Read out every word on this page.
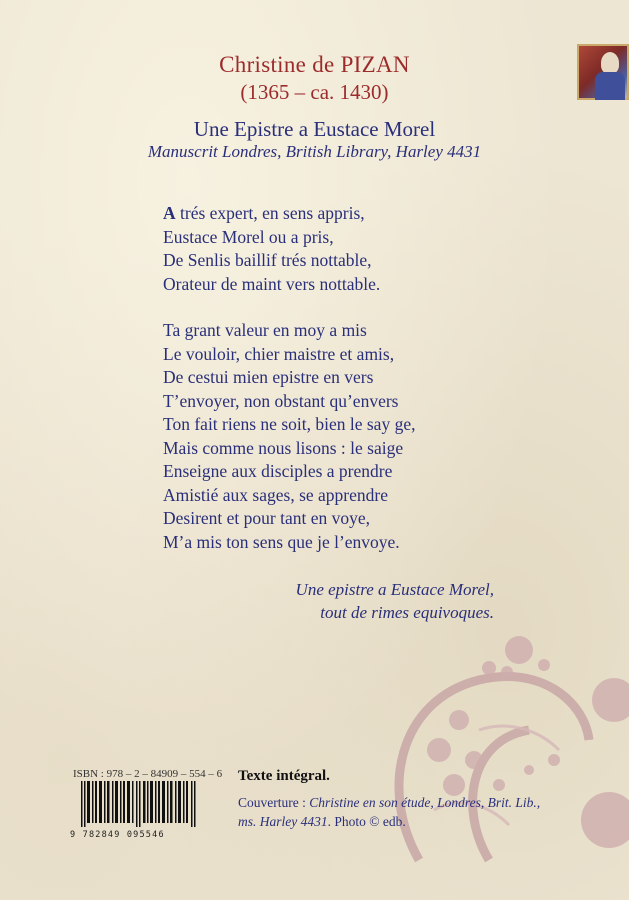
Christine de PIZAN
(1365 – ca. 1430)
Une Epistre a Eustace Morel
Manuscrit Londres, British Library, Harley 4431

A trés expert, en sens appris,
Eustace Morel ou a pris,
De Senlis baillif trés nottable,
Orateur de maint vers nottable.

Ta grant valeur en moy a mis
Le vouloir, chier maistre et amis,
De cestui mien epistre en vers
T’envoyer, non obstant qu’envers
Ton fait riens ne soit, bien le say ge,
Mais comme nous lisons : le saige
Enseigne aux disciples a prendre
Amistié aux sages, se apprendre
Desirent et pour tant en voye,
M’a mis ton sens que je l’envoye.

Une epistre a Eustace Morel,
tout de rimes equivoques.
ISBN : 978 – 2 – 84909 – 554 – 6
9 782849 095546
Texte intégral.
Couverture : Christine en son étude, Londres, Brit. Lib.,
ms. Harley 4431. Photo © edb.
